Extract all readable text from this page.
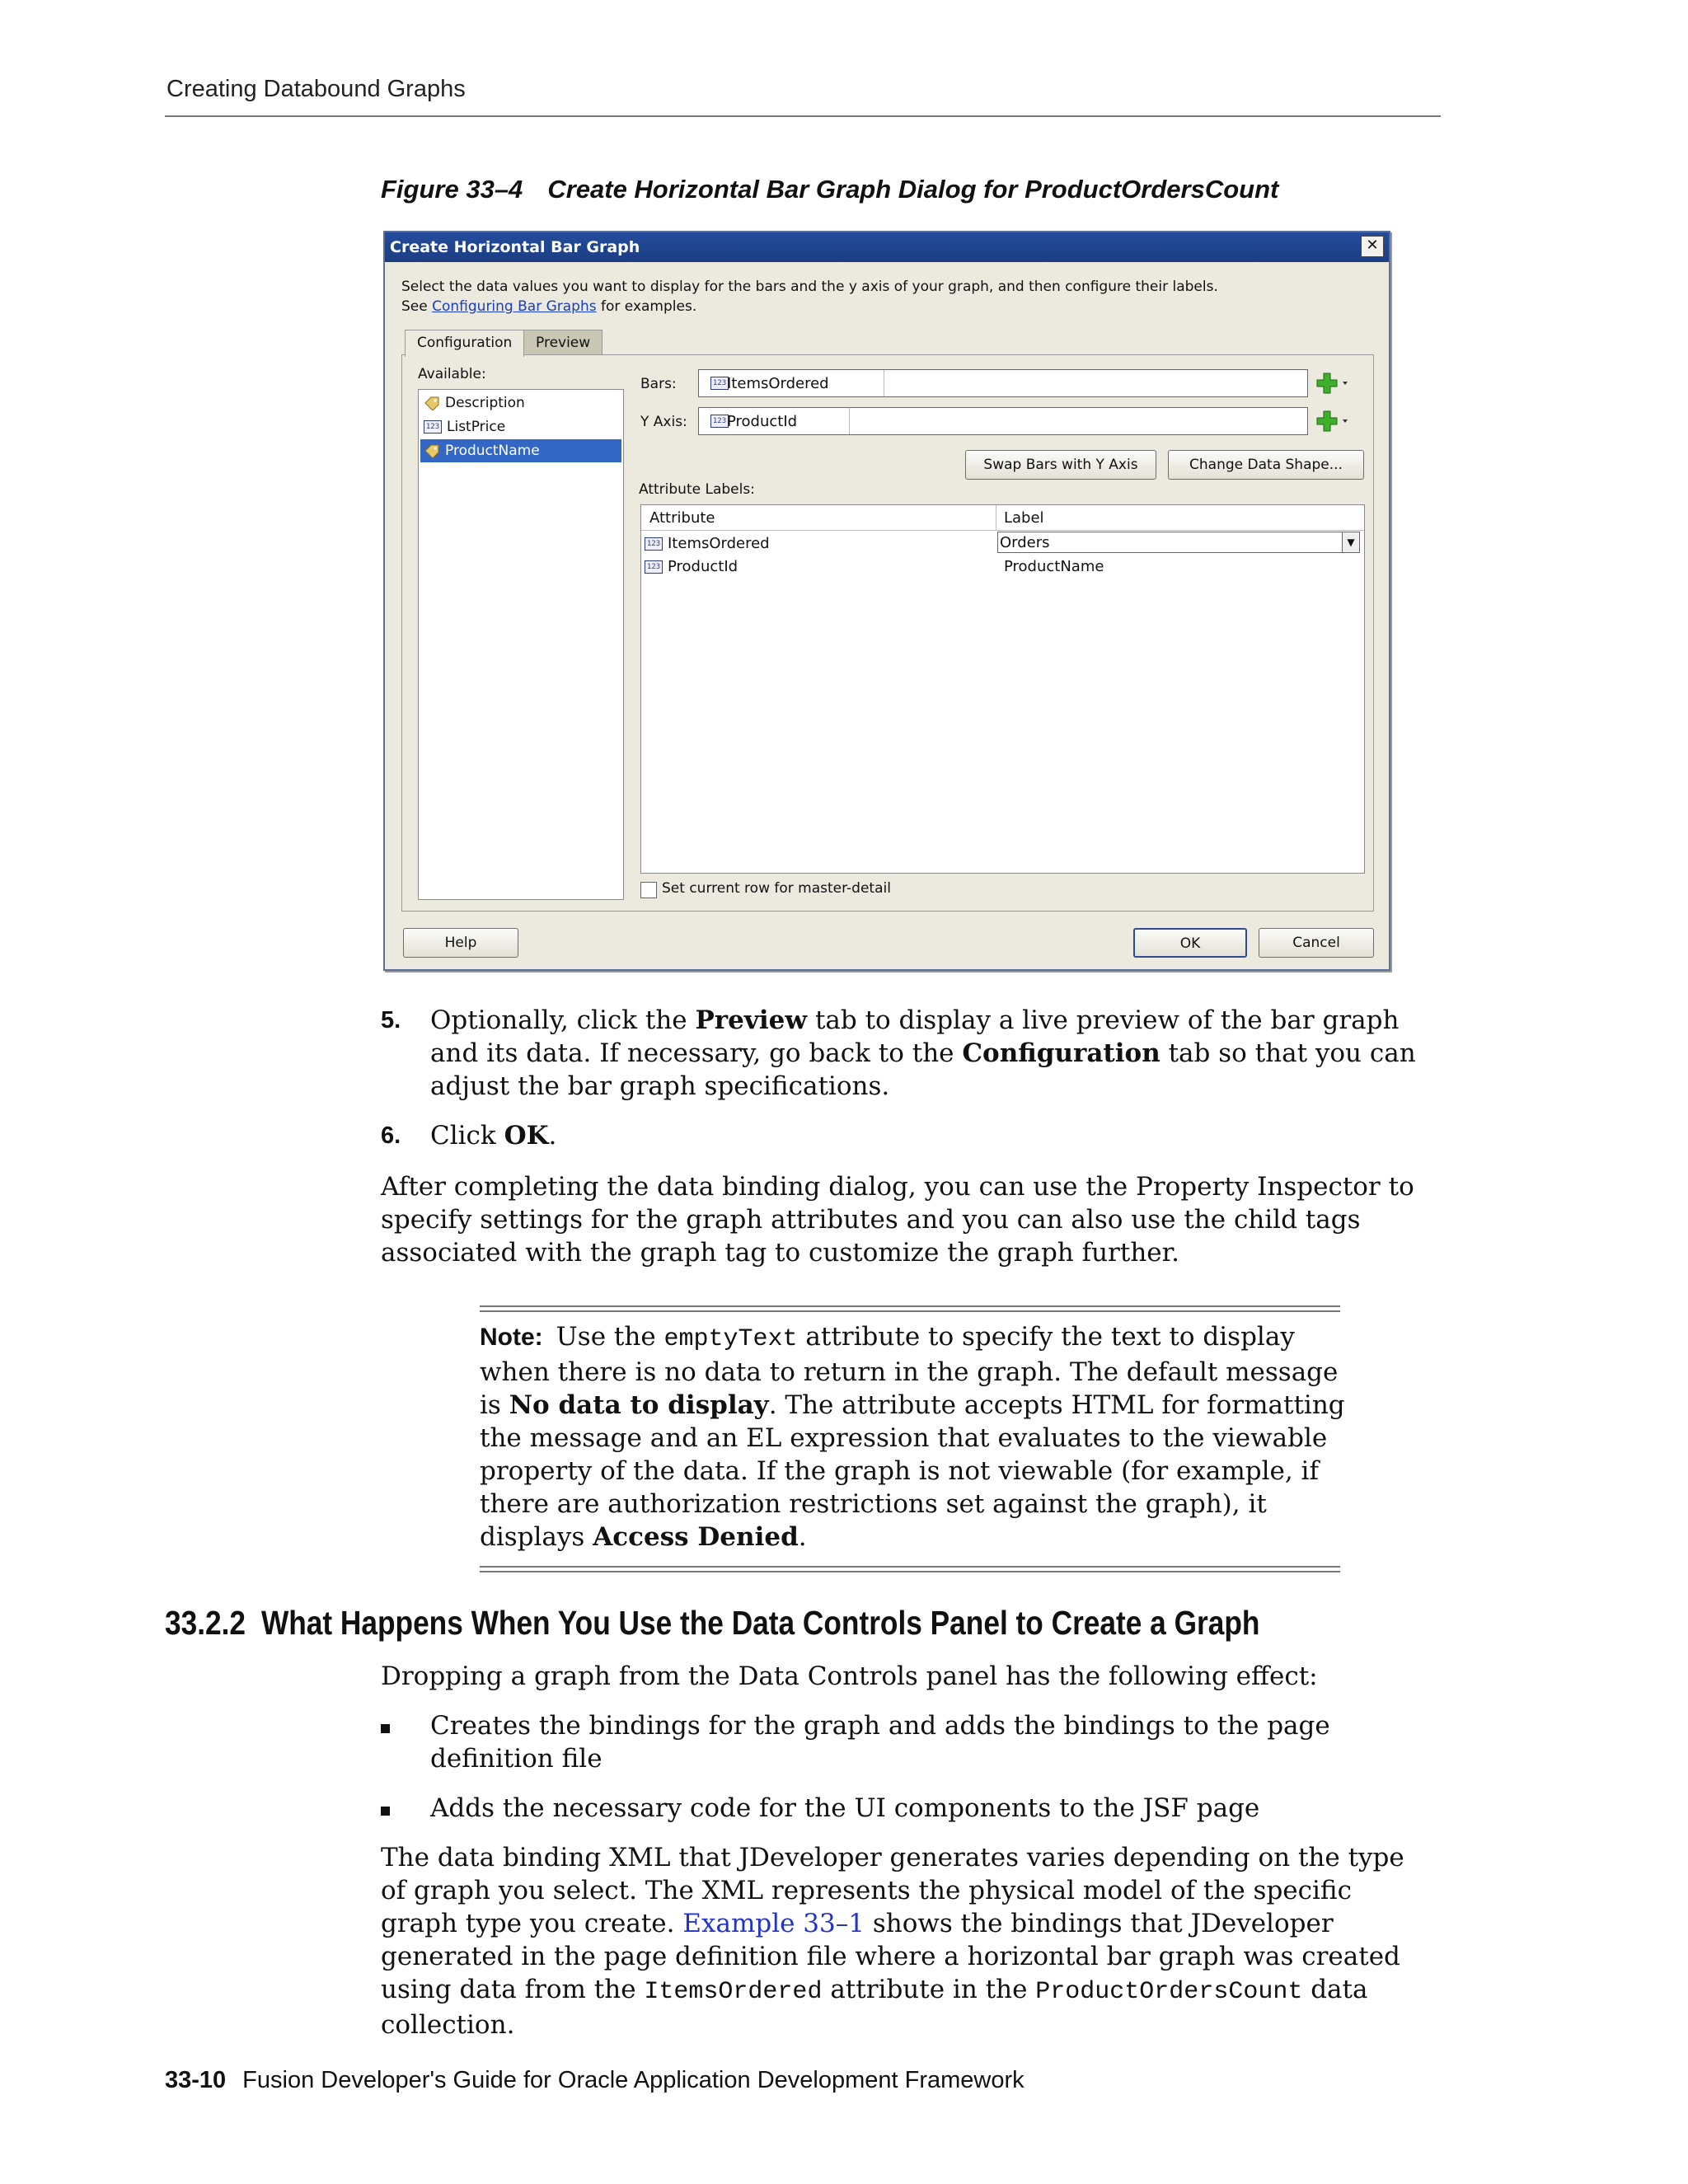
Creating Databound Graphs
Figure 33–4 Create Horizontal Bar Graph Dialog for ProductOrdersCount
Create Horizontal Bar Graph	✕
Select the data values you want to display for the bars and the y axis of your graph, and then configure their labels.
See Configuring Bar Graphs for examples.
Configuration	Preview
Available:
Description
123 ListPrice
ProductName
Bars:	123 ItemsOrdered
Y Axis:	123 ProductId
Swap Bars with Y Axis	Change Data Shape...
Attribute Labels:
Attribute	Label
123 ItemsOrdered	Orders	▼
123 ProductId	ProductName
Set current row for master-detail
Help	OK	Cancel
5. Optionally, click the Preview tab to display a live preview of the bar graph and its data. If necessary, go back to the Configuration tab so that you can adjust the bar graph specifications.
6. Click OK.
After completing the data binding dialog, you can use the Property Inspector to specify settings for the graph attributes and you can also use the child tags associated with the graph tag to customize the graph further.
Note: Use the emptyText attribute to specify the text to display when there is no data to return in the graph. The default message is No data to display. The attribute accepts HTML for formatting the message and an EL expression that evaluates to the viewable property of the data. If the graph is not viewable (for example, if there are authorization restrictions set against the graph), it displays Access Denied.
33.2.2 What Happens When You Use the Data Controls Panel to Create a Graph
Dropping a graph from the Data Controls panel has the following effect:
Creates the bindings for the graph and adds the bindings to the page definition file
Adds the necessary code for the UI components to the JSF page
The data binding XML that JDeveloper generates varies depending on the type of graph you select. The XML represents the physical model of the specific graph type you create. Example 33–1 shows the bindings that JDeveloper generated in the page definition file where a horizontal bar graph was created using data from the ItemsOrdered attribute in the ProductOrdersCount data collection.
33-10 Fusion Developer's Guide for Oracle Application Development Framework
